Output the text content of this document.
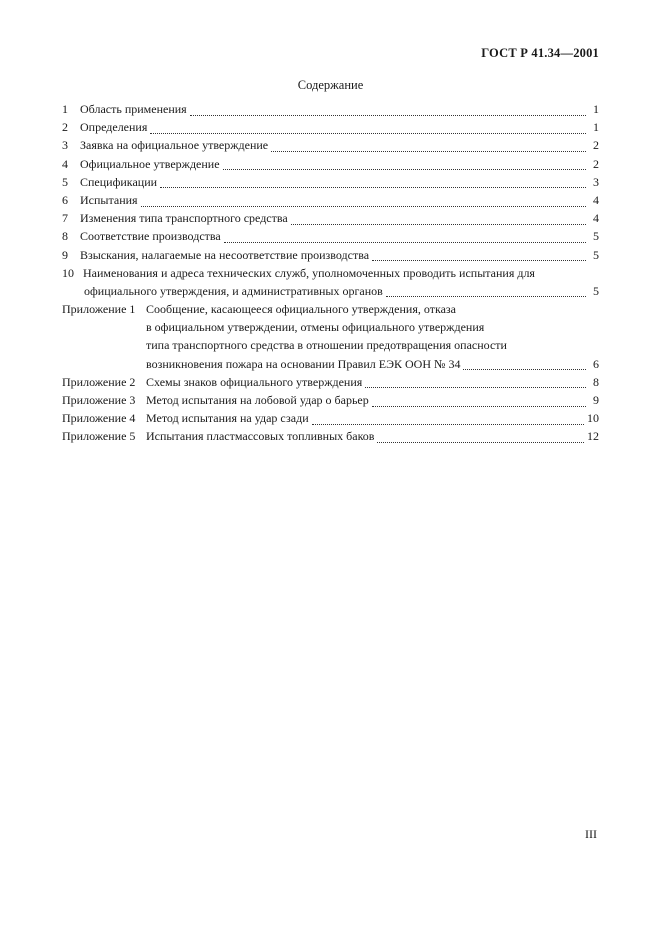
ГОСТ Р 41.34—2001
Содержание
1 Область применения	1
2 Определения	1
3 Заявка на официальное утверждение	2
4 Официальное утверждение	2
5 Спецификации	3
6 Испытания	4
7 Изменения типа транспортного средства	4
8 Соответствие производства	5
9 Взыскания, налагаемые на несоответствие производства	5
10 Наименования и адреса технических служб, уполномоченных проводить испытания для
официального утверждения, и административных органов	5
Приложение 1 Сообщение, касающееся официального утверждения, отказа
в официальном утверждении, отмены официального утверждения
типа транспортного средства в отношении предотвращения опасности
возникновения пожара на основании Правил ЕЭК ООН № 34	6
Приложение 2 Схемы знаков официального утверждения	8
Приложение 3 Метод испытания на лобовой удар о барьер	9
Приложение 4 Метод испытания на удар сзади	10
Приложение 5 Испытания пластмассовых топливных баков	12
III
